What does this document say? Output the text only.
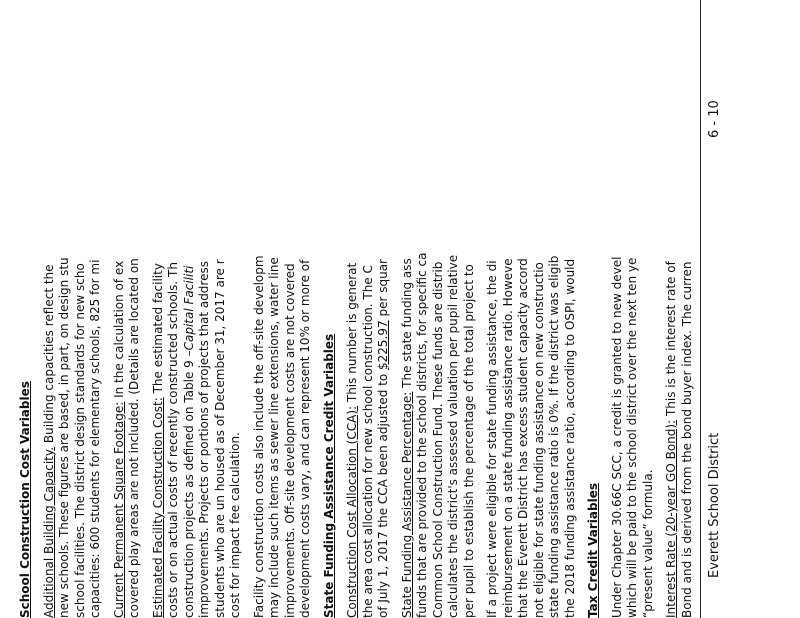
School Construction Cost Variables Additional Building Capacity. Building capacities reflect the new schools. These figures are based, in part, on design stu school facilities. The district design standards for new scho capacities: 600 students for elementary schools, 825 for mi Current Permanent Square Footage: In the calculation of ex covered play areas are not included. (Details are located on Estimated Facility Construction Cost: The estimated facility costs or on actual costs of recently constructed schools. Th construction projects as defined on Table 9 –Capital Faciliti improvements. Projects or portions of projects that address students who are un housed as of December 31, 2017 are r cost for impact fee calculation. Facility construction costs also include the off-site developm may include such items as sewer line extensions, water line improvements. Off-site development costs are not covered development costs vary, and can represent 10% or more of State Funding Assistance Credit Variables Construction Cost Allocation (CCA): This number is generat the area cost allocation for new school construction. The C of July 1, 2017 the CCA been adjusted to $225.97 per squar
State Funding Assistance Percentage: The state funding ass funds that are provided to the school districts, for specific ca Common School Construction Fund. These funds are distrib calculates the district's assessed valuation per pupil relative per pupil to establish the percentage of the total project to If a project were eligible for state funding assistance, the di reimbursement on a state funding assistance ratio. Howeve that the Everett District has excess student capacity accord not eligible for state funding assistance on new constructio state funding assistance ratio is 0%. If the district was eligib the 2018 funding assistance ratio, according to OSPI, would Tax Credit Variables Under Chapter 30.66C SCC, a credit is granted to new devel which will be paid to the school district over the next ten ye “present value” formula. Interest Rate (20-year GO Bond): This is the interest rate of Bond and is derived from the bond buyer index. The curren Everett School District
6 - 10
